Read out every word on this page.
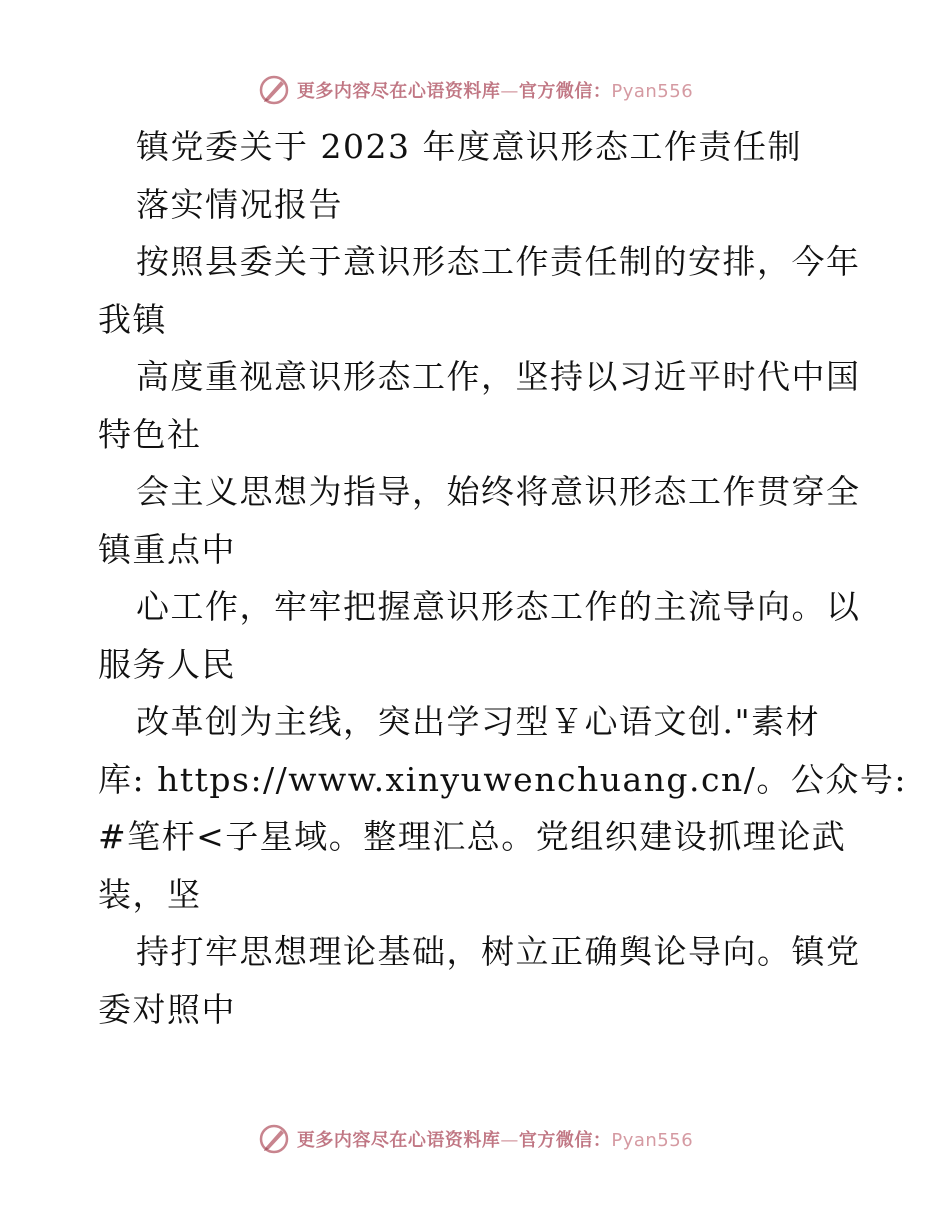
更多内容尽在心语资料库—官方微信：Pyan556
镇党委关于 2023 年度意识形态工作责任制
落实情况报告
按照县委关于意识形态工作责任制的安排，今年
我镇
高度重视意识形态工作，坚持以习近平时代中国
特色社
会主义思想为指导，始终将意识形态工作贯穿全
镇重点中
心工作，牢牢把握意识形态工作的主流导向。以
服务人民
改革创为主线，突出学习型￥心语文创."素材
库: https://www.xinyuwenchuang.cn/。公众号:
#笔杆<子星域。整理汇总。党组织建设抓理论武
装，坚
持打牢思想理论基础，树立正确舆论导向。镇党
委对照中
更多内容尽在心语资料库—官方微信：Pyan556
